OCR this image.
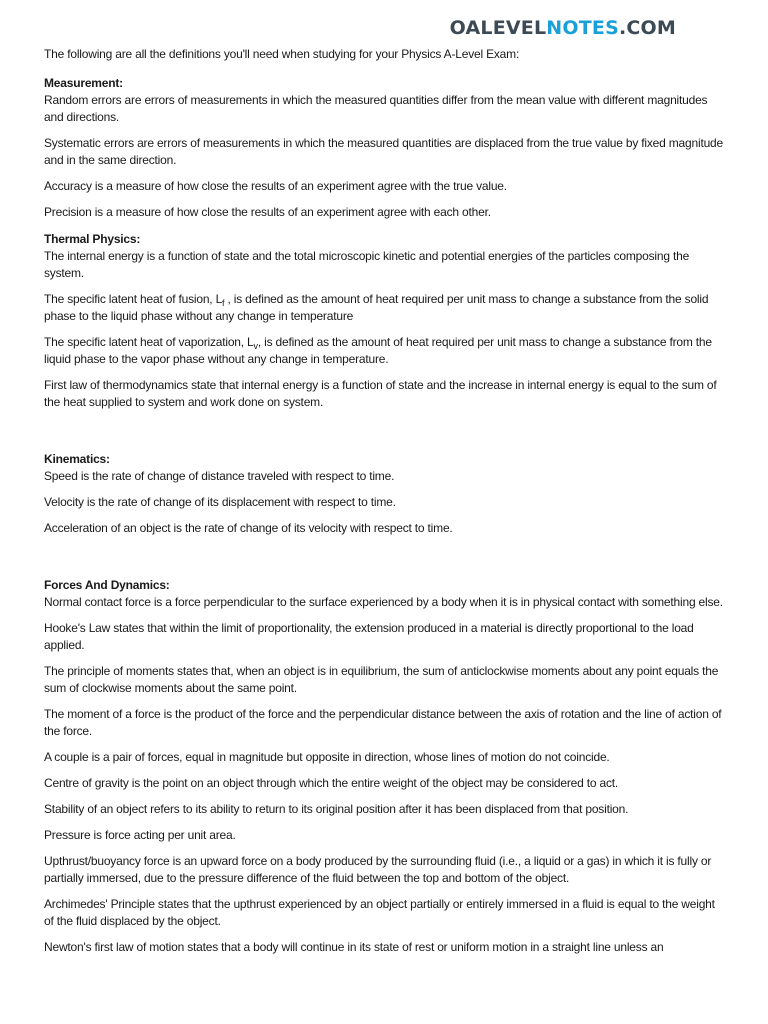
OALEVELNOTES.COM

The following are all the definitions you'll need when studying for your Physics A-Level Exam:

Measurement:

Random errors are errors of measurements in which the measured quantities differ from the mean value with different magnitudes and directions.

Systematic errors are errors of measurements in which the measured quantities are displaced from the true value by fixed magnitude and in the same direction.

Accuracy is a measure of how close the results of an experiment agree with the true value.

Precision is a measure of how close the results of an experiment agree with each other.

Thermal Physics:

The internal energy is a function of state and the total microscopic kinetic and potential energies of the particles composing the system.

The specific latent heat of fusion, $L_f$ , is defined as the amount of heat required per unit mass to change a substance from the solid phase to the liquid phase without any change in temperature

The specific latent heat of vaporization, $L_v$, is defined as the amount of heat required per unit mass to change a substance from the liquid phase to the vapor phase without any change in temperature.

First law of thermodynamics state that internal energy is a function of state and the increase in internal energy is equal to the sum of the heat supplied to system and work done on system.

Kinematics:

Speed is the rate of change of distance traveled with respect to time.

Velocity is the rate of change of its displacement with respect to time.

Acceleration of an object is the rate of change of its velocity with respect to time.

Forces And Dynamics:

Normal contact force is a force perpendicular to the surface experienced by a body when it is in physical contact with something else.

Hooke's Law states that within the limit of proportionality, the extension produced in a material is directly proportional to the load applied.

The principle of moments states that, when an object is in equilibrium, the sum of anticlockwise moments about any point equals the sum of clockwise moments about the same point.

The moment of a force is the product of the force and the perpendicular distance between the axis of rotation and the line of action of the force.

A couple is a pair of forces, equal in magnitude but opposite in direction, whose lines of motion do not coincide.

Centre of gravity is the point on an object through which the entire weight of the object may be considered to act.

Stability of an object refers to its ability to return to its original position after it has been displaced from that position.

Pressure is force acting per unit area.

Upthrust/buoyancy force is an upward force on a body produced by the surrounding fluid (i.e., a liquid or a gas) in which it is fully or partially immersed, due to the pressure difference of the fluid between the top and bottom of the object.

Archimedes' Principle states that the upthrust experienced by an object partially or entirely immersed in a fluid is equal to the weight of the fluid displaced by the object.

Newton's first law of motion states that a body will continue in its state of rest or uniform motion in a straight line unless an
